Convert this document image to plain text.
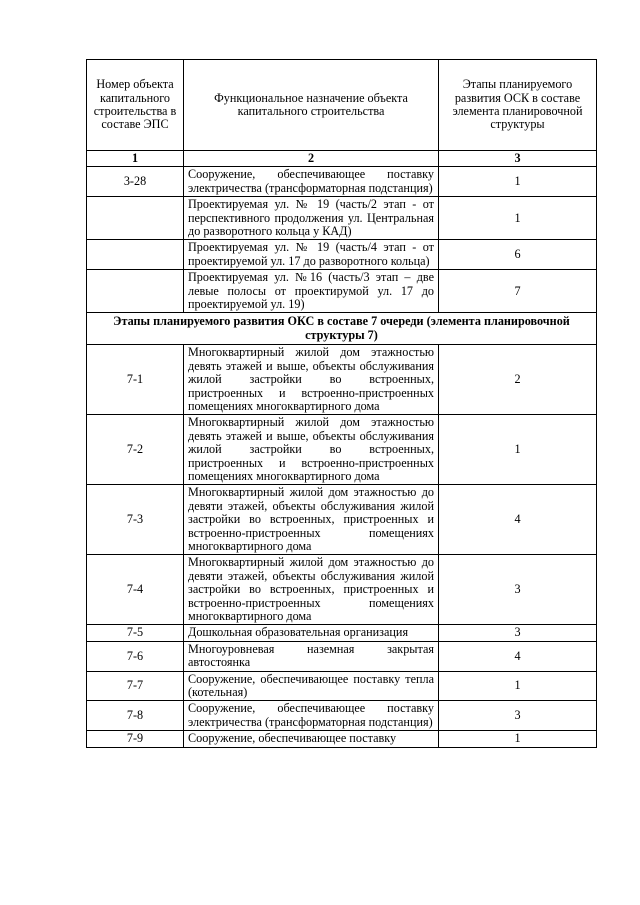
Номер объекта капитального строительства в составе ЭПС	Функциональное назначение объекта капитального строительства	Этапы планируемого развития ОСК в составе элемента планировочной структуры
1	2	3
3-28	Сооружение, обеспечивающее поставку электричества (трансформаторная подстанция)	1
	Проектируемая ул. № 19 (часть/2 этап - от перспективного продолжения ул. Центральная до разворотного кольца у КАД)	1
	Проектируемая ул. № 19 (часть/4 этап - от проектируемой ул. 17 до разворотного кольца)	6
	Проектируемая ул. №16 (часть/3 этап – две левые полосы от проектирумой ул. 17 до проектируемой ул. 19)	7
Этапы планируемого развития ОКС в составе 7 очереди (элемента планировочной структуры 7)		
7-1	Многоквартирный жилой дом этажностью девять этажей и выше, объекты обслуживания жилой застройки во встроенных, пристроенных и встроенно-пристроенных помещениях многоквартирного дома	2
7-2	Многоквартирный жилой дом этажностью девять этажей и выше, объекты обслуживания жилой застройки во встроенных, пристроенных и встроенно-пристроенных помещениях многоквартирного дома	1
7-3	Многоквартирный жилой дом этажностью до девяти этажей, объекты обслуживания жилой застройки во встроенных, пристроенных и встроенно-пристроенных помещениях многоквартирного дома	4
7-4	Многоквартирный жилой дом этажностью до девяти этажей, объекты обслуживания жилой застройки во встроенных, пристроенных и встроенно-пристроенных помещениях многоквартирного дома	3
7-5	Дошкольная образовательная организация	3
7-6	Многоуровневая наземная закрытая автостоянка	4
7-7	Сооружение, обеспечивающее поставку тепла (котельная)	1
7-8	Сооружение, обеспечивающее поставку электричества (трансформаторная подстанция)	3
7-9	Сооружение, обеспечивающее поставку	1
